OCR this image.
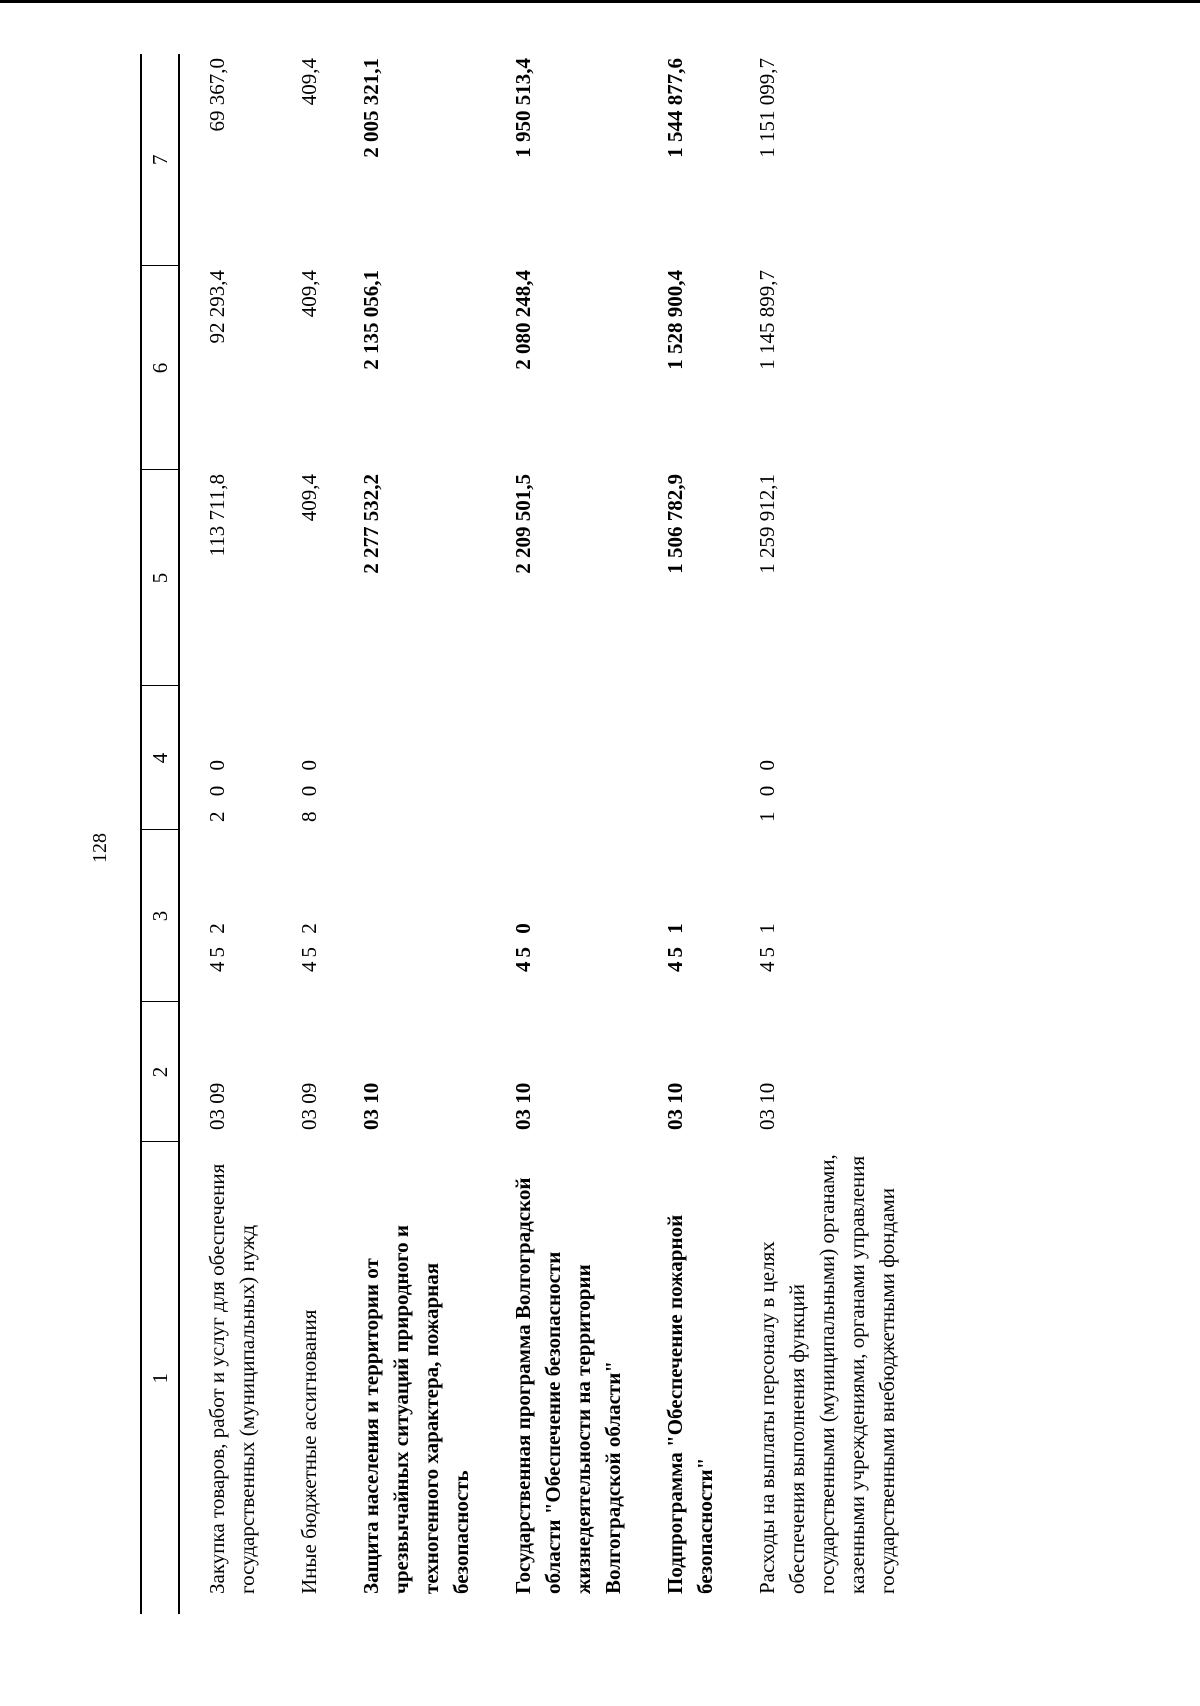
128
1	2	3	4	5	6	7
Закупка товаров, работ и услуг для обеспечения государственных (муниципальных) нужд	03 09	45 2	2 0 0	113 711,8	92 293,4	69 367,0
Иные бюджетные ассигнования	03 09	45 2	8 0 0	409,4	409,4	409,4
Защита населения и территории от чрезвычайных ситуаций природного и техногенного характера, пожарная безопасность	03 10			2 277 532,2	2 135 056,1	2 005 321,1
Государственная программа Волгоградской области "Обеспечение безопасности жизнедеятельности на территории Волгоградской области"	03 10	45 0		2 209 501,5	2 080 248,4	1 950 513,4
Подпрограмма "Обеспечение пожарной безопасности"	03 10	45 1		1 506 782,9	1 528 900,4	1 544 877,6
Расходы на выплаты персоналу в целях обеспечения выполнения функций государственными (муниципальными) органами, казенными учреждениями, органами управления государственными внебюджетными фондами	03 10	45 1	1 0 0	1 259 912,1	1 145 899,7	1 151 099,7
